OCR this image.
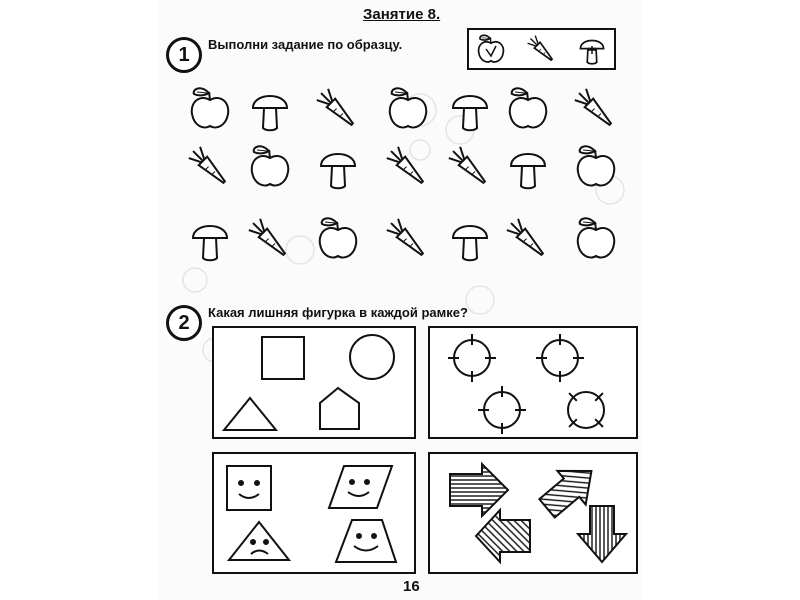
Занятие 8.
1	Выполни задание по образцу.
2	Какая лишняя фигурка в каждой рамке?
16
